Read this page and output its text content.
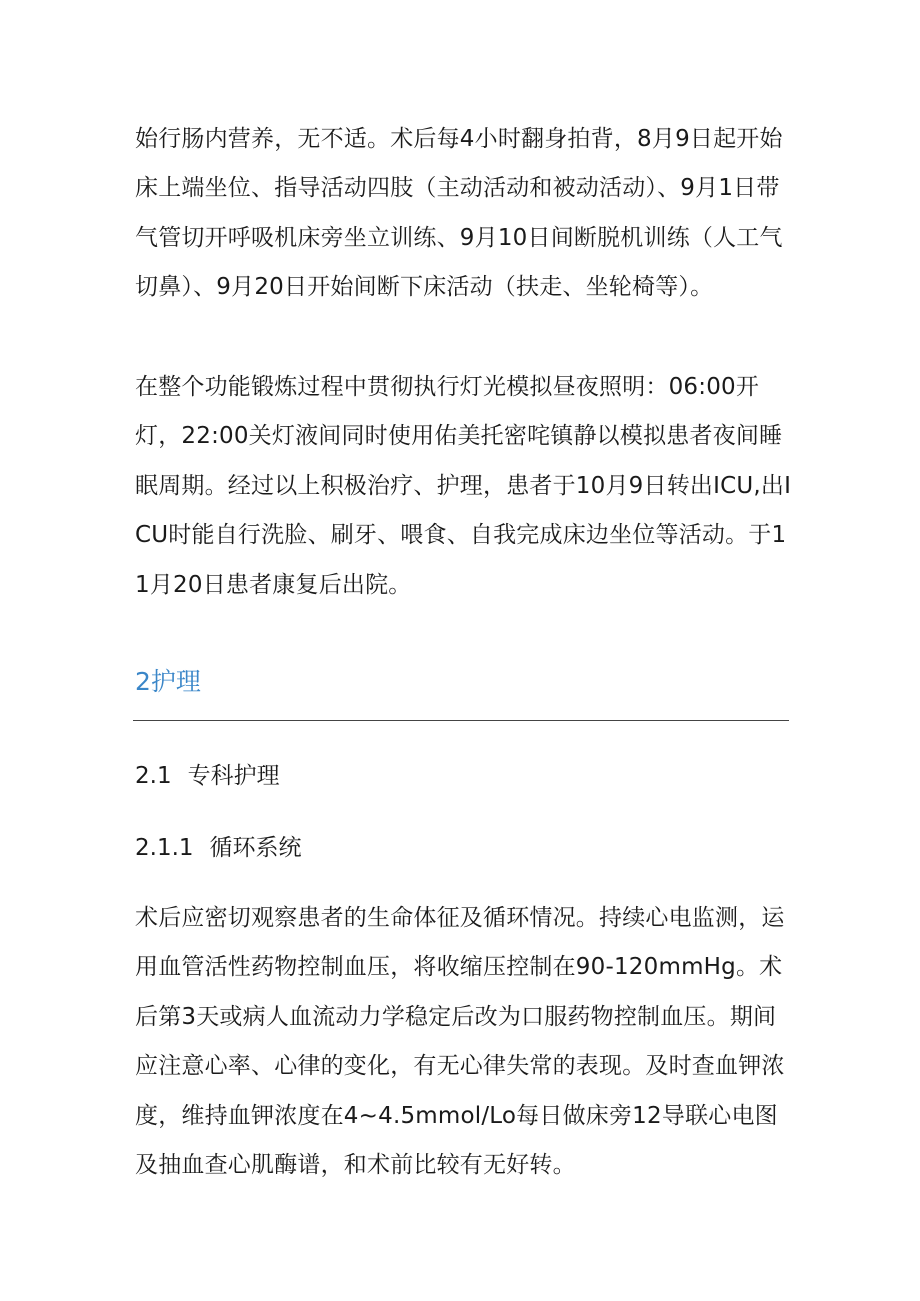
始行肠内营养，无不适。术后每4小时翻身拍背，8月9日起开始床上端坐位、指导活动四肢（主动活动和被动活动）、9月1日带气管切开呼吸机床旁坐立训练、9月10日间断脱机训练（人工气切鼻）、9月20日开始间断下床活动（扶走、坐轮椅等）。

在整个功能锻炼过程中贯彻执行灯光模拟昼夜照明：06:00开灯，22:00关灯液间同时使用佑美托密咤镇静以模拟患者夜间睡眠周期。经过以上积极治疗、护理，患者于10月9日转出ICU,出ICU时能自行洗脸、刷牙、喂食、自我完成床边坐位等活动。于11月20日患者康复后出院。

2护理
2.1 专科护理
2.1.1 循环系统

术后应密切观察患者的生命体征及循环情况。持续心电监测，运用血管活性药物控制血压，将收缩压控制在90-120mmHg。术后第3天或病人血流动力学稳定后改为口服药物控制血压。期间应注意心率、心律的变化，有无心律失常的表现。及时查血钾浓度，维持血钾浓度在4~4.5mmol/Lo每日做床旁12导联心电图及抽血查心肌酶谱，和术前比较有无好转。
